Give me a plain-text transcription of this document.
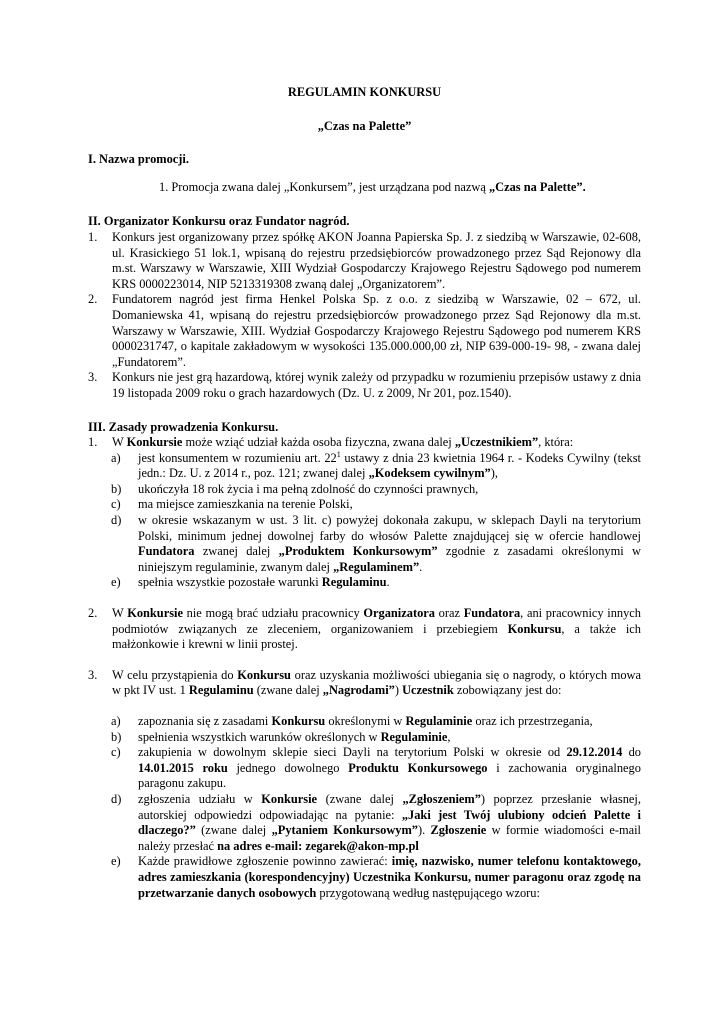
REGULAMIN KONKURSU
„Czas na Palette”
I. Nazwa promocji.
1. Promocja zwana dalej „Konkursem”, jest urządzana pod nazwą „Czas na Palette”.
II. Organizator Konkursu oraz Fundator nagród.
1.	Konkurs jest organizowany przez spółkę AKON Joanna Papierska Sp. J. z siedzibą w Warszawie, 02-608, ul. Krasickiego 51 lok.1, wpisaną do rejestru przedsiębiorców prowadzonego przez Sąd Rejonowy dla m.st. Warszawy w Warszawie, XIII Wydział Gospodarczy Krajowego Rejestru Sądowego pod numerem KRS 0000223014, NIP 5213319308 zwaną dalej „Organizatorem”.
2.	Fundatorem nagród jest firma Henkel Polska Sp. z o.o. z siedzibą w Warszawie, 02 – 672, ul. Domaniewska 41, wpisaną do rejestru przedsiębiorców prowadzonego przez Sąd Rejonowy dla m.st. Warszawy w Warszawie, XIII. Wydział Gospodarczy Krajowego Rejestru Sądowego pod numerem KRS 0000231747, o kapitale zakładowym w wysokości 135.000.000,00 zł, NIP 639-000-19- 98, - zwana dalej „Fundatorem”.
3.	Konkurs nie jest grą hazardową, której wynik zależy od przypadku w rozumieniu przepisów ustawy z dnia 19 listopada 2009 roku o grach hazardowych (Dz. U. z 2009, Nr 201, poz.1540).
III. Zasady prowadzenia Konkursu.
1.	W Konkursie może wziąć udział każda osoba fizyczna, zwana dalej „Uczestnikiem”, która:
a)	jest konsumentem w rozumieniu art. $22^1$ ustawy z dnia 23 kwietnia 1964 r. - Kodeks Cywilny (tekst jedn.: Dz. U. z 2014 r., poz. 121; zwanej dalej „Kodeksem cywilnym”),
b)	ukończyła 18 rok życia i ma pełną zdolność do czynności prawnych,
c)	ma miejsce zamieszkania na terenie Polski,
d)	w okresie wskazanym w ust. 3 lit. c) powyżej dokonała zakupu, w sklepach Dayli na terytorium Polski, minimum jednej dowolnej farby do włosów Palette znajdującej się w ofercie handlowej Fundatora zwanej dalej „Produktem Konkursowym” zgodnie z zasadami określonymi w niniejszym regulaminie, zwanym dalej „Regulaminem”.
e)	spełnia wszystkie pozostałe warunki Regulaminu.
2.	W Konkursie nie mogą brać udziału pracownicy Organizatora oraz Fundatora, ani pracownicy innych podmiotów związanych ze zleceniem, organizowaniem i przebiegiem Konkursu, a także ich małżonkowie i krewni w linii prostej.
3.	W celu przystąpienia do Konkursu oraz uzyskania możliwości ubiegania się o nagrody, o których mowa w pkt IV ust. 1 Regulaminu (zwane dalej „Nagrodami”) Uczestnik zobowiązany jest do:
a)	zapoznania się z zasadami Konkursu określonymi w Regulaminie oraz ich przestrzegania,
b)	spełnienia wszystkich warunków określonych w Regulaminie,
c)	zakupienia w dowolnym sklepie sieci Dayli na terytorium Polski w okresie od 29.12.2014 do 14.01.2015 roku jednego dowolnego Produktu Konkursowego i zachowania oryginalnego paragonu zakupu.
d)	zgłoszenia udziału w Konkursie (zwane dalej „Zgłoszeniem”) poprzez przesłanie własnej, autorskiej odpowiedzi odpowiadając na pytanie: „Jaki jest Twój ulubiony odcień Palette i dlaczego?” (zwane dalej „Pytaniem Konkursowym”). Zgłoszenie w formie wiadomości e-mail należy przesłać na adres e-mail: zegarek@akon-mp.pl
e)	Każde prawidłowe zgłoszenie powinno zawierać: imię, nazwisko, numer telefonu kontaktowego, adres zamieszkania (korespondencyjny) Uczestnika Konkursu, numer paragonu oraz zgodę na przetwarzanie danych osobowych przygotowaną według następującego wzoru:
